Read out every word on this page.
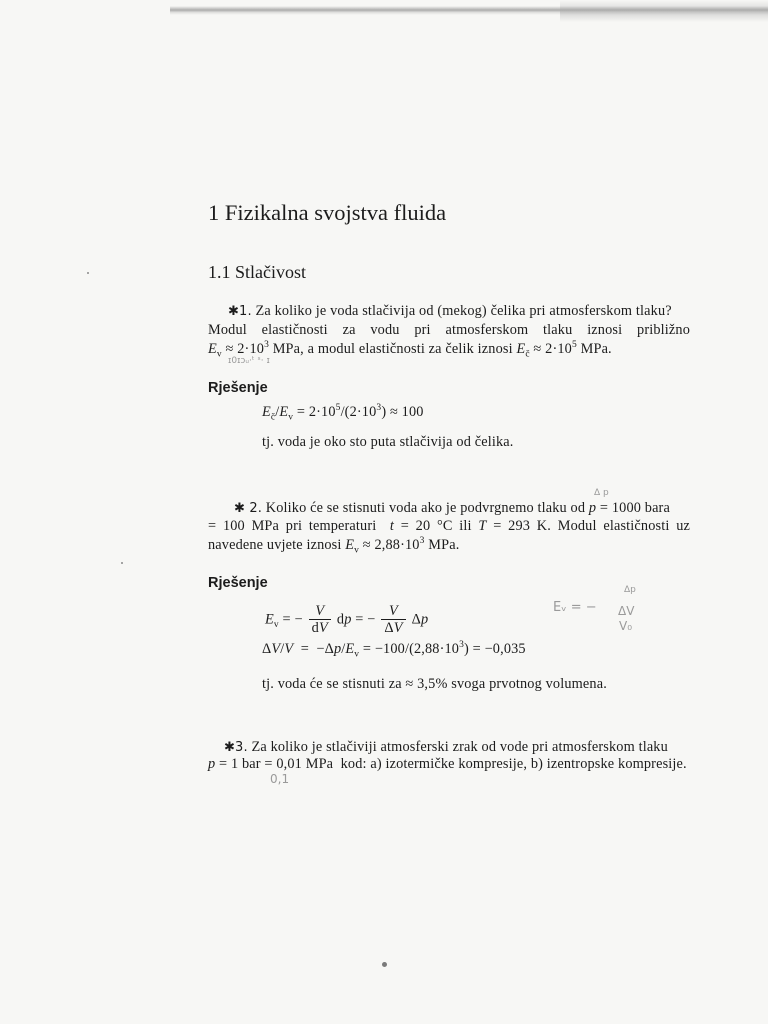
1 Fizikalna svojstva fluida
1.1 Stlačivost
✱1. Za koliko je voda stlačivija od (mekog) čelika pri atmosferskom tlaku?
Modul elastičnosti za vodu pri atmosferskom tlaku iznosi približno
$E_v \approx 2\cdot 10^3$ MPa, a modul elastičnosti za čelik iznosi $E_č \approx 2\cdot 10^5$ MPa.
ɪ0ɪɔᵤ·ᵗ ˢ· ɪ
Rješenje
$E_č/E_v = 2\cdot 10^5/(2\cdot 10^3) \approx 100$
tj. voda je oko sto puta stlačivija od čelika.
Δ p
✱ 2. Koliko će se stisnuti voda ako je podvrgnemo tlaku od p = 1000 bara
= 100 MPa pri temperaturi  t = 20 °C ili T = 293 K. Modul elastičnosti uz
navedene uvjete iznosi $E_v \approx 2,88\cdot 10^3$ MPa.
Rješenje
$E_v$ = − $\frac{V}{dV}$ dp = − $\frac{V}{\Delta V}$ Δp
$\Delta V/V = -\Delta p/E_v = -100/(2,88\cdot 10^3) = -0,035$
tj. voda će se stisnuti za ≈ 3,5% svoga prvotnog volumena.
Eᵥ = −
Δp
ΔV
V₀
✱3. Za koliko je stlačiviji atmosferski zrak od vode pri atmosferskom tlaku
p = 1 bar = 0,01 MPa  kod: a) izotermičke kompresije, b) izentropske kompresije.
0,1
